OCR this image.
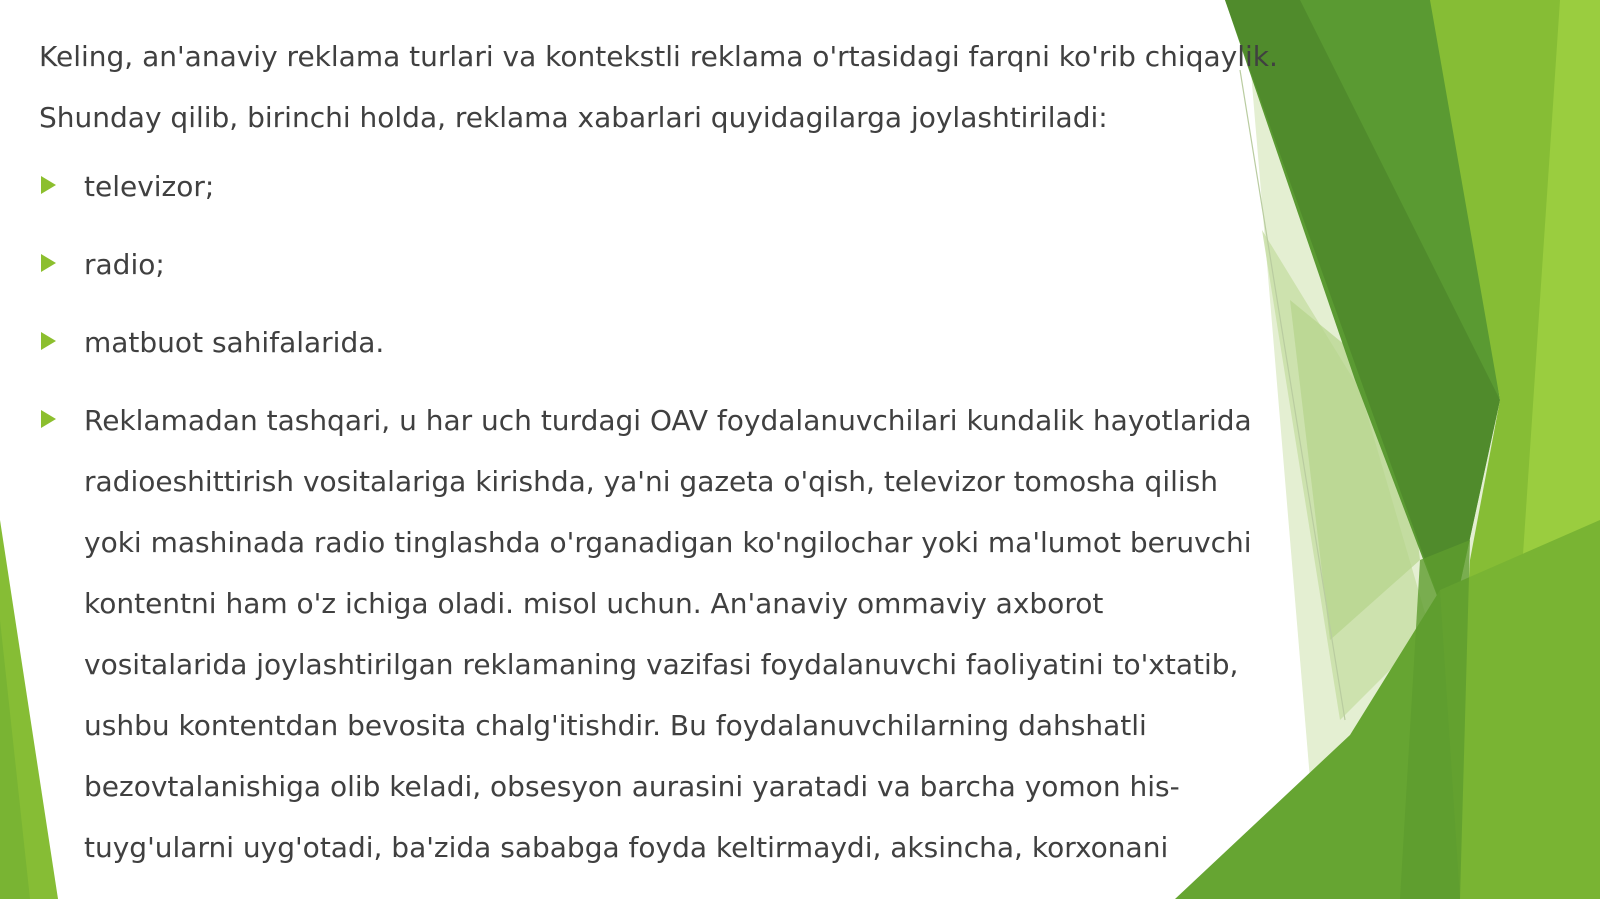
Keling, an'anaviy reklama turlari va kontekstli reklama o'rtasidagi farqni ko'rib chiqaylik.

Shunday qilib, birinchi holda, reklama xabarlari quyidagilarga joylashtiriladi:

televizor;
radio;
matbuot sahifalarida.
Reklamadan tashqari, u har uch turdagi OAV foydalanuvchilari kundalik hayotlarida
radioeshittirish vositalariga kirishda, ya'ni gazeta o'qish, televizor tomosha qilish
yoki mashinada radio tinglashda o'rganadigan ko'ngilochar yoki ma'lumot beruvchi
kontentni ham o'z ichiga oladi. misol uchun. An'anaviy ommaviy axborot
vositalarida joylashtirilgan reklamaning vazifasi foydalanuvchi faoliyatini to'xtatib,
ushbu kontentdan bevosita chalg'itishdir. Bu foydalanuvchilarning dahshatli
bezovtalanishiga olib keladi, obsesyon aurasini yaratadi va barcha yomon his-
tuyg'ularni uyg'otadi, ba'zida sababga foyda keltirmaydi, aksincha, korxonani
